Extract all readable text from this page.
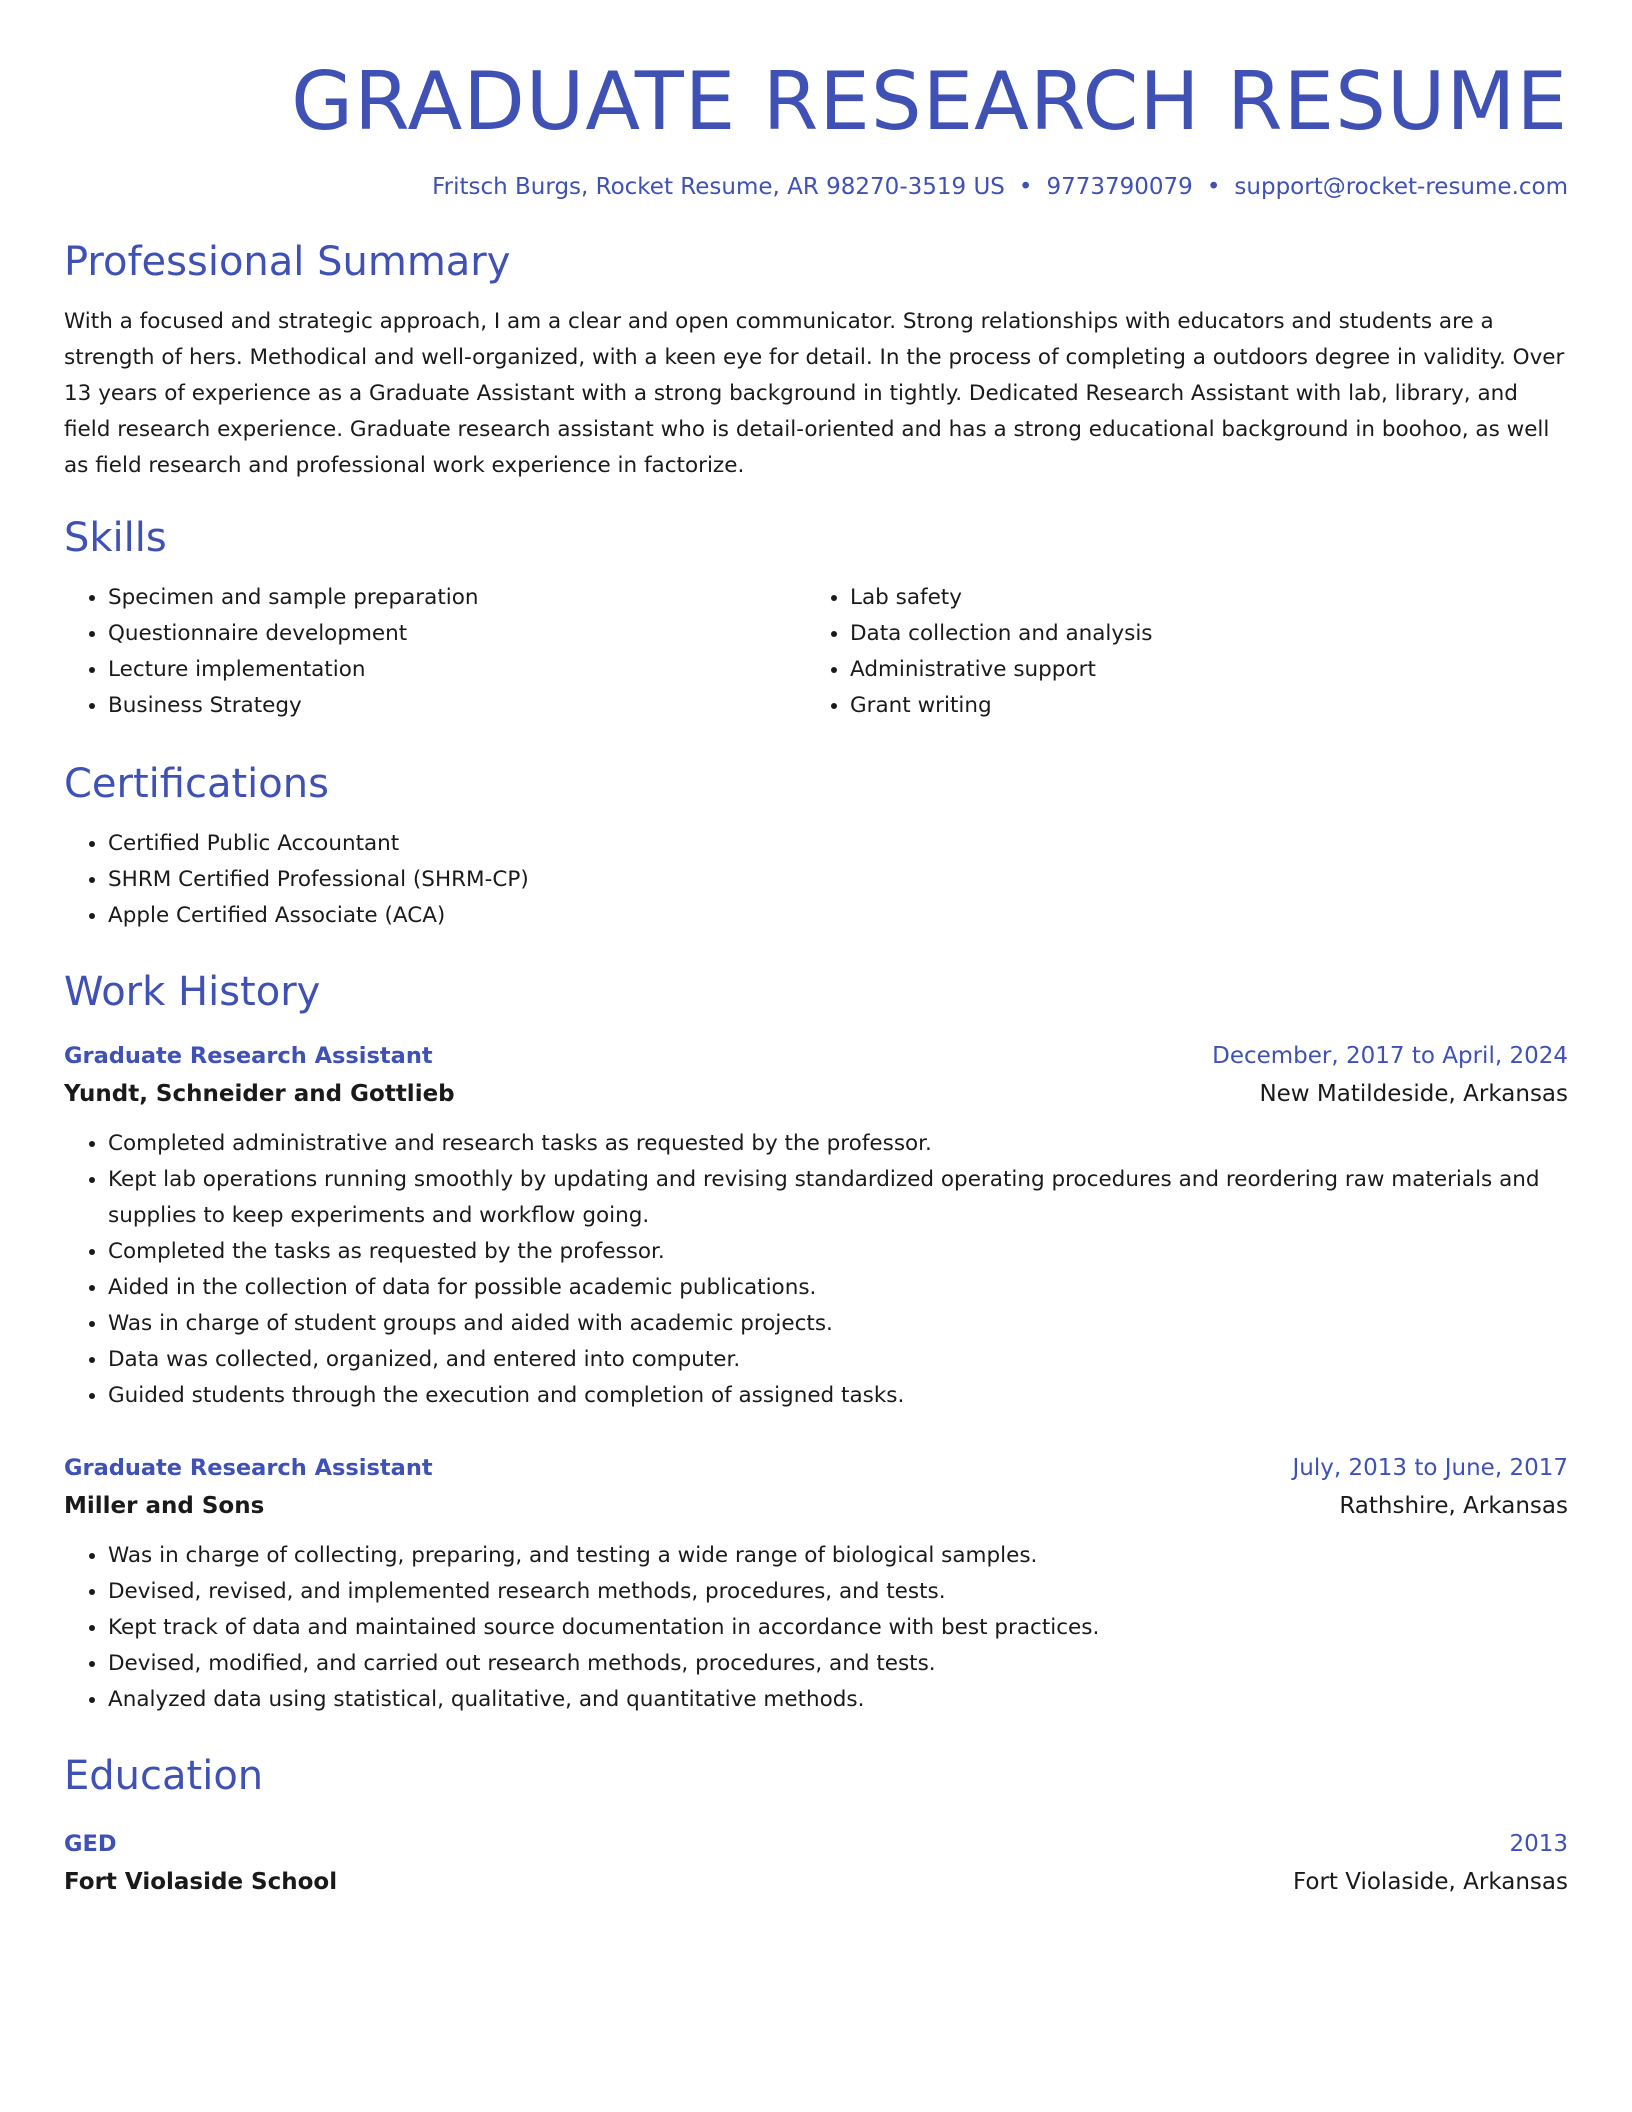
GRADUATE RESEARCH RESUME
Fritsch Burgs, Rocket Resume, AR 98270-3519 US • 9773790079 • support@rocket-resume.com
Professional Summary

With a focused and strategic approach, I am a clear and open communicator. Strong relationships with educators and students are a strength of hers. Methodical and well-organized, with a keen eye for detail. In the process of completing a outdoors degree in validity. Over 13 years of experience as a Graduate Assistant with a strong background in tightly. Dedicated Research Assistant with lab, library, and field research experience. Graduate research assistant who is detail-oriented and has a strong educational background in boohoo, as well as field research and professional work experience in factorize.

Skills
• Specimen and sample preparation
• Questionnaire development
• Lecture implementation
• Business Strategy
• Lab safety
• Data collection and analysis
• Administrative support
• Grant writing
Certifications
• Certified Public Accountant
• SHRM Certified Professional (SHRM-CP)
• Apple Certified Associate (ACA)
Work History
Graduate Research Assistant	December, 2017 to April, 2024
Yundt, Schneider and Gottlieb	New Matildeside, Arkansas
• Completed administrative and research tasks as requested by the professor.
• Kept lab operations running smoothly by updating and revising standardized operating procedures and reordering raw materials and supplies to keep experiments and workflow going.
• Completed the tasks as requested by the professor.
• Aided in the collection of data for possible academic publications.
• Was in charge of student groups and aided with academic projects.
• Data was collected, organized, and entered into computer.
• Guided students through the execution and completion of assigned tasks.
Graduate Research Assistant	July, 2013 to June, 2017
Miller and Sons	Rathshire, Arkansas
• Was in charge of collecting, preparing, and testing a wide range of biological samples.
• Devised, revised, and implemented research methods, procedures, and tests.
• Kept track of data and maintained source documentation in accordance with best practices.
• Devised, modified, and carried out research methods, procedures, and tests.
• Analyzed data using statistical, qualitative, and quantitative methods.
Education
GED	2013
Fort Violaside School	Fort Violaside, Arkansas
